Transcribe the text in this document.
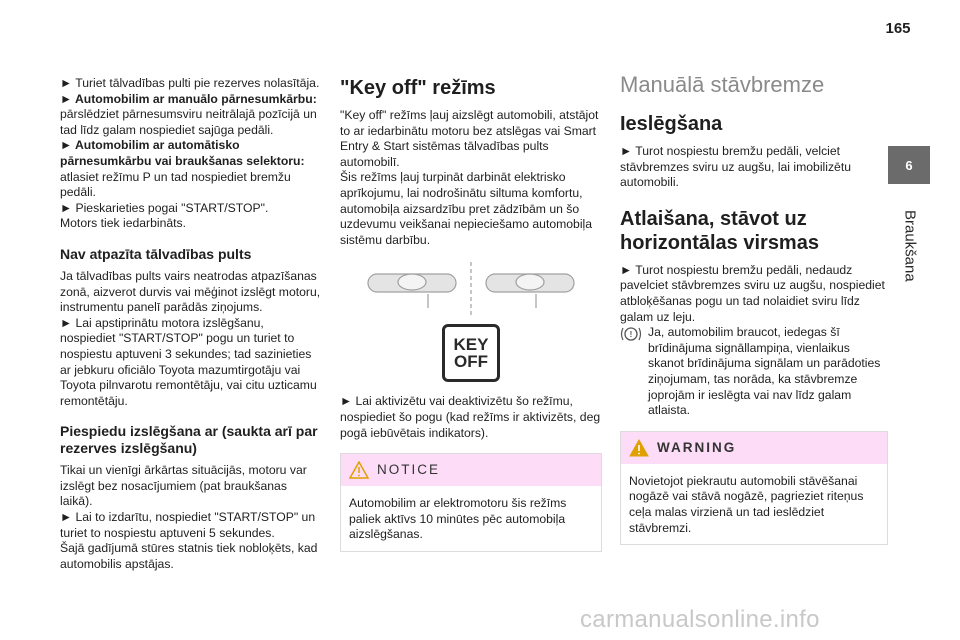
165
6
Braukšana

► Turiet tālvadības pulti pie rezerves nolasītāja.

► Automobilim ar manuālo pārnesumkārbu:

pārslēdziet pārnesumsviru neitrālajā pozīcijā un tad līdz galam nospiediet sajūga pedāli.

► Automobilim ar automātisko pārnesumkārbu vai braukšanas selektoru:

atlasiet režīmu P un tad nospiediet bremžu pedāli.

► Pieskarieties pogai "START/STOP".

Motors tiek iedarbināts.

Nav atpazīta tālvadības pults

Ja tālvadības pults vairs neatrodas atpazīšanas zonā, aizverot durvis vai mēģinot izslēgt motoru, instrumentu panelī parādās ziņojums.

► Lai apstiprinātu motora izslēgšanu, nospiediet "START/STOP" pogu un turiet to nospiestu aptuveni 3 sekundes; tad sazinieties ar jebkuru oficiālo Toyota mazumtirgotāju vai Toyota pilnvarotu remontētāju, vai citu uzticamu remontētāju.

Piespiedu izslēgšana ar (saukta arī par rezerves izslēgšanu)

Tikai un vienīgi ārkārtas situācijās, motoru var izslēgt bez nosacījumiem (pat braukšanas laikā).

► Lai to izdarītu, nospiediet "START/STOP" un turiet to nospiestu aptuveni 5 sekundes.

Šajā gadījumā stūres statnis tiek nobloķēts, kad automobilis apstājas.

"Key off" režīms

"Key off" režīms ļauj aizslēgt automobili, atstājot to ar iedarbinātu motoru bez atslēgas vai Smart Entry & Start sistēmas tālvadības pults automobilī.

Šis režīms ļauj turpināt darbināt elektrisko aprīkojumu, lai nodrošinātu siltuma komfortu, automobiļa aizsardzību pret zādzībām un šo uzdevumu veikšanai nepieciešamo automobiļa sistēmu darbību.

KEY
OFF

► Lai aktivizētu vai deaktivizētu šo režīmu, nospiediet šo pogu (kad režīms ir aktivizēts, deg pogā iebūvētais indikators).

NOTICE
Automobilim ar elektromotoru šis režīms paliek aktīvs 10 minūtes pēc automobiļa aizslēgšanas.
Manuālā stāvbremze
Ieslēgšana

► Turot nospiestu bremžu pedāli, velciet stāvbremzes sviru uz augšu, lai imobilizētu automobili.

Atlaišana, stāvot uz horizontālas virsmas

► Turot nospiestu bremžu pedāli, nedaudz pavelciet stāvbremzes sviru uz augšu, nospiediet atbloķēšanas pogu un tad nolaidiet sviru līdz galam uz leju.

! Ja, automobilim braucot, iedegas šī brīdinājuma signāllampiņa, vienlaikus skanot brīdinājuma signālam un parādoties ziņojumam, tas norāda, ka stāvbremze joprojām ir ieslēgta vai nav līdz galam atlaista.

WARNING
Novietojot piekrautu automobili stāvēšanai nogāzē vai stāvā nogāzē, pagrieziet riteņus ceļa malas virzienā un tad ieslēdziet stāvbremzi.
carmanualsonline.info
